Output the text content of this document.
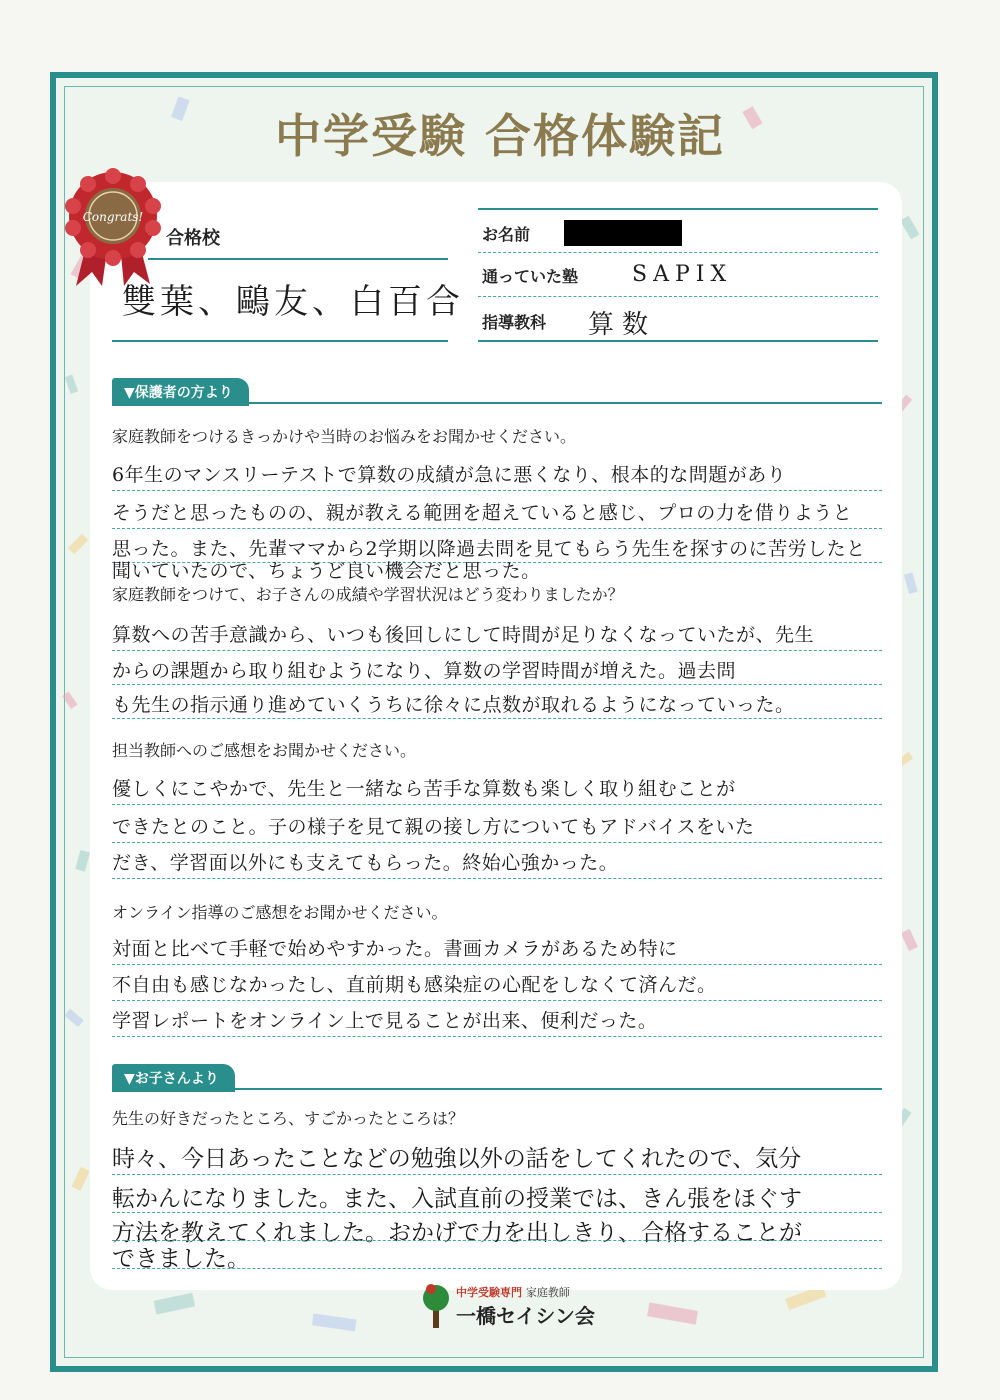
中学受験 合格体験記
Congrats!
合格校
雙葉、鷗友、白百合
お名前
通っていた塾 SAPIX
指導教科 算数
▼保護者の方より
家庭教師をつけるきっかけや当時のお悩みをお聞かせください。
6年生のマンスリーテストで算数の成績が急に悪くなり、根本的な問題があり
そうだと思ったものの、親が教える範囲を超えていると感じ、プロの力を借りようと
思った。また、先輩ママから2学期以降過去問を見てもらう先生を探すのに苦労したと
聞いていたので、ちょうど良い機会だと思った。
家庭教師をつけて、お子さんの成績や学習状況はどう変わりましたか？
算数への苦手意識から、いつも後回しにして時間が足りなくなっていたが、先生
からの課題から取り組むようになり、算数の学習時間が増えた。過去問
も先生の指示通り進めていくうちに徐々に点数が取れるようになっていった。
担当教師へのご感想をお聞かせください。
優しくにこやかで、先生と一緒なら苦手な算数も楽しく取り組むことが
できたとのこと。子の様子を見て親の接し方についてもアドバイスをいた
だき、学習面以外にも支えてもらった。終始心強かった。
オンライン指導のご感想をお聞かせください。
対面と比べて手軽で始めやすかった。書画カメラがあるため特に
不自由も感じなかったし、直前期も感染症の心配をしなくて済んだ。
学習レポートをオンライン上で見ることが出来、便利だった。
▼お子さんより
先生の好きだったところ、すごかったところは？
時々、今日あったことなどの勉強以外の話をしてくれたので、気分
転かんになりました。また、入試直前の授業では、きん張をほぐす
方法を教えてくれました。おかげで力を出しきり、合格することが
できました。
中学受験専門 家庭教師
一橋セイシン会
